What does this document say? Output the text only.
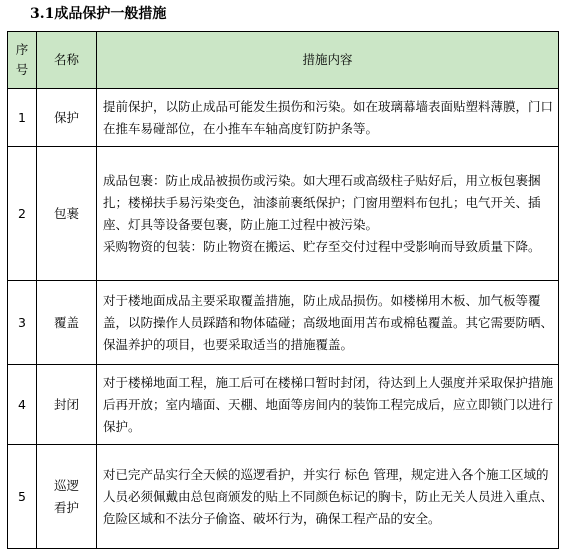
3.1成品保护一般措施
序
号	名称	措施内容
1	保护	提前保护，以防止成品可能发生损伤和污染。如在玻璃幕墙表面贴塑料薄膜，门口在推车易碰部位，在小推车车轴高度钉防护条等。

2	包裹	成品包裹：防止成品被损伤或污染。如大理石或高级柱子贴好后，用立板包裹捆扎；楼梯扶手易污染变色，油漆前裹纸保护；门窗用塑料布包扎；电气开关、插座、灯具等设备要包裹，防止施工过程中被污染。
采购物资的包装：防止物资在搬运、贮存至交付过程中受影响而导致质量下降。

3	覆盖	对于楼地面成品主要采取覆盖措施，防止成品损伤。如楼梯用木板、加气板等覆盖，以防操作人员踩踏和物体磕碰；高级地面用苫布或棉毡覆盖。其它需要防晒、保温养护的项目，也要采取适当的措施覆盖。

4	封闭	对于楼梯地面工程，施工后可在楼梯口暂时封闭，待达到上人强度并采取保护措施后再开放；室内墙面、天棚、地面等房间内的装饰工程完成后，应立即锁门以进行保护。

5	巡逻
看护	对已完产品实行全天候的巡逻看护，并实行 标色 管理，规定进入各个施工区域的人员必须佩戴由总包商颁发的贴上不同颜色标记的胸卡，防止无关人员进入重点、危险区域和不法分子偷盗、破坏行为，确保工程产品的安全。
